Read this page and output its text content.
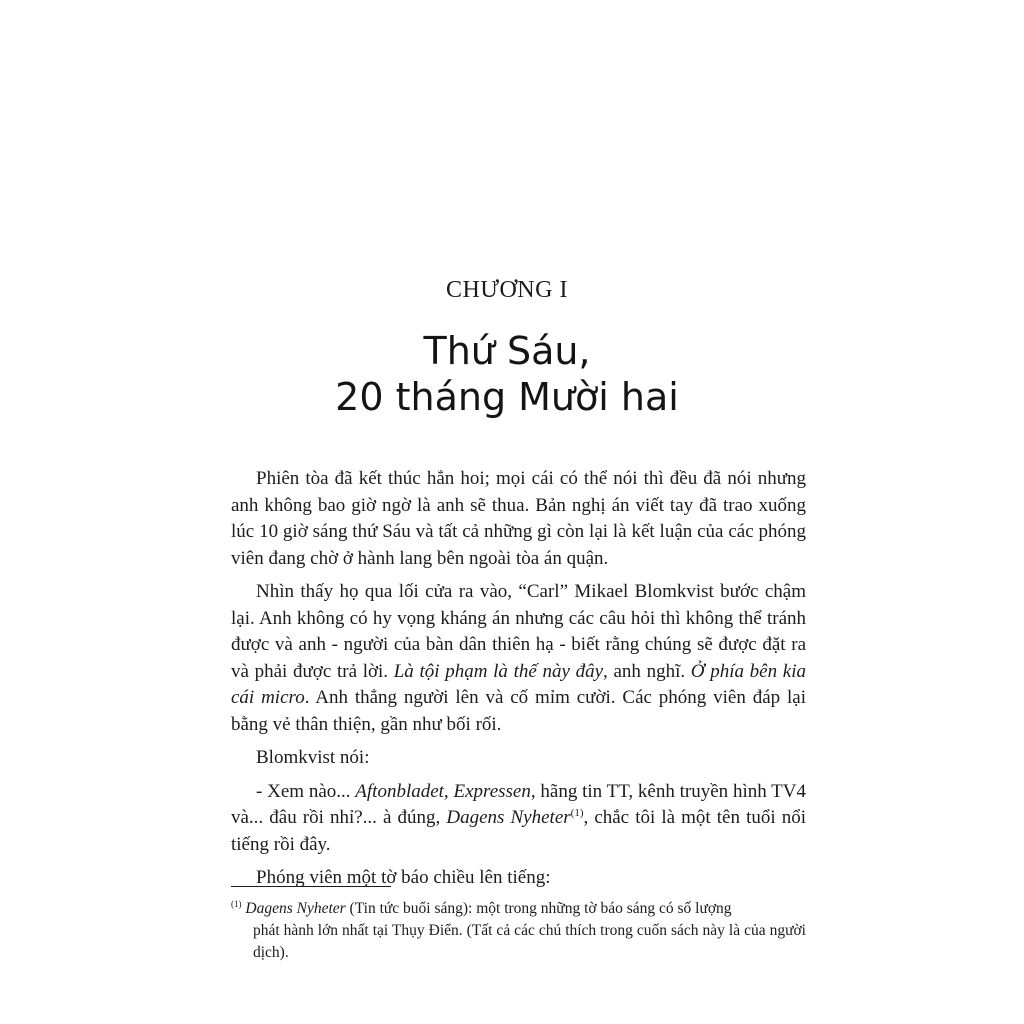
CHƯƠNG I
Thứ Sáu,
20 tháng Mười hai

Phiên tòa đã kết thúc hẳn hoi; mọi cái có thể nói thì đều đã nói nhưng anh không bao giờ ngờ là anh sẽ thua. Bản nghị án viết tay đã trao xuống lúc 10 giờ sáng thứ Sáu và tất cả những gì còn lại là kết luận của các phóng viên đang chờ ở hành lang bên ngoài tòa án quận.

Nhìn thấy họ qua lối cửa ra vào, “Carl” Mikael Blomkvist bước chậm lại. Anh không có hy vọng kháng án nhưng các câu hỏi thì không thể tránh được và anh - người của bàn dân thiên hạ - biết rằng chúng sẽ được đặt ra và phải được trả lời. Là tội phạm là thế này đây, anh nghĩ. Ở phía bên kia cái micro. Anh thẳng người lên và cố mỉm cười. Các phóng viên đáp lại bằng vẻ thân thiện, gần như bối rối.

Blomkvist nói:

- Xem nào... Aftonbladet, Expressen, hãng tin TT, kênh truyền hình TV4 và... đâu rồi nhỉ?... à đúng, Dagens Nyheter$^{(1)}$, chắc tôi là một tên tuổi nổi tiếng rồi đây.

Phóng viên một tờ báo chiều lên tiếng:

$^{(1)}$ Dagens Nyheter (Tin tức buổi sáng): một trong những tờ báo sáng có số lượng
phát hành lớn nhất tại Thụy Điển. (Tất cả các chú thích trong cuốn sách này là của người dịch).
